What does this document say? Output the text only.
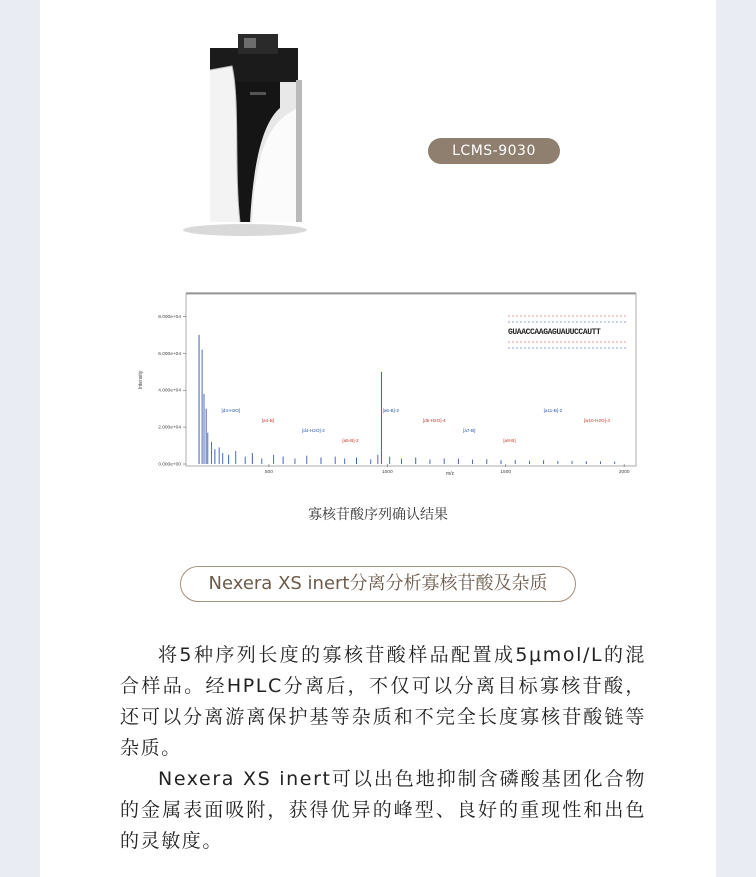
LCMS-9030
0.000e+00
2.000e+04
4.000e+04
6.000e+04
8.000e+04
500	1000	1500	2000
[d3-H2O]
[a4-B]
[d4-H2O]-2
[a5-B]-2
[a6-B]-2
[d5-H2O]-4
[a7-B]
[a8-B]
[a11-B]-2
[w10-H2O]-4
Intensity
m/z
GUAACCAAGAGUAUUCCAUTT
寡核苷酸序列确认结果
Nexera XS inert分离分析寡核苷酸及杂质

将5种序列长度的寡核苷酸样品配置成5μmol/L的混合样品。经HPLC分离后，不仅可以分离目标寡核苷酸，还可以分离游离保护基等杂质和不完全长度寡核苷酸链等杂质。

Nexera XS inert可以出色地抑制含磷酸基团化合物的金属表面吸附，获得优异的峰型、良好的重现性和出色的灵敏度。
